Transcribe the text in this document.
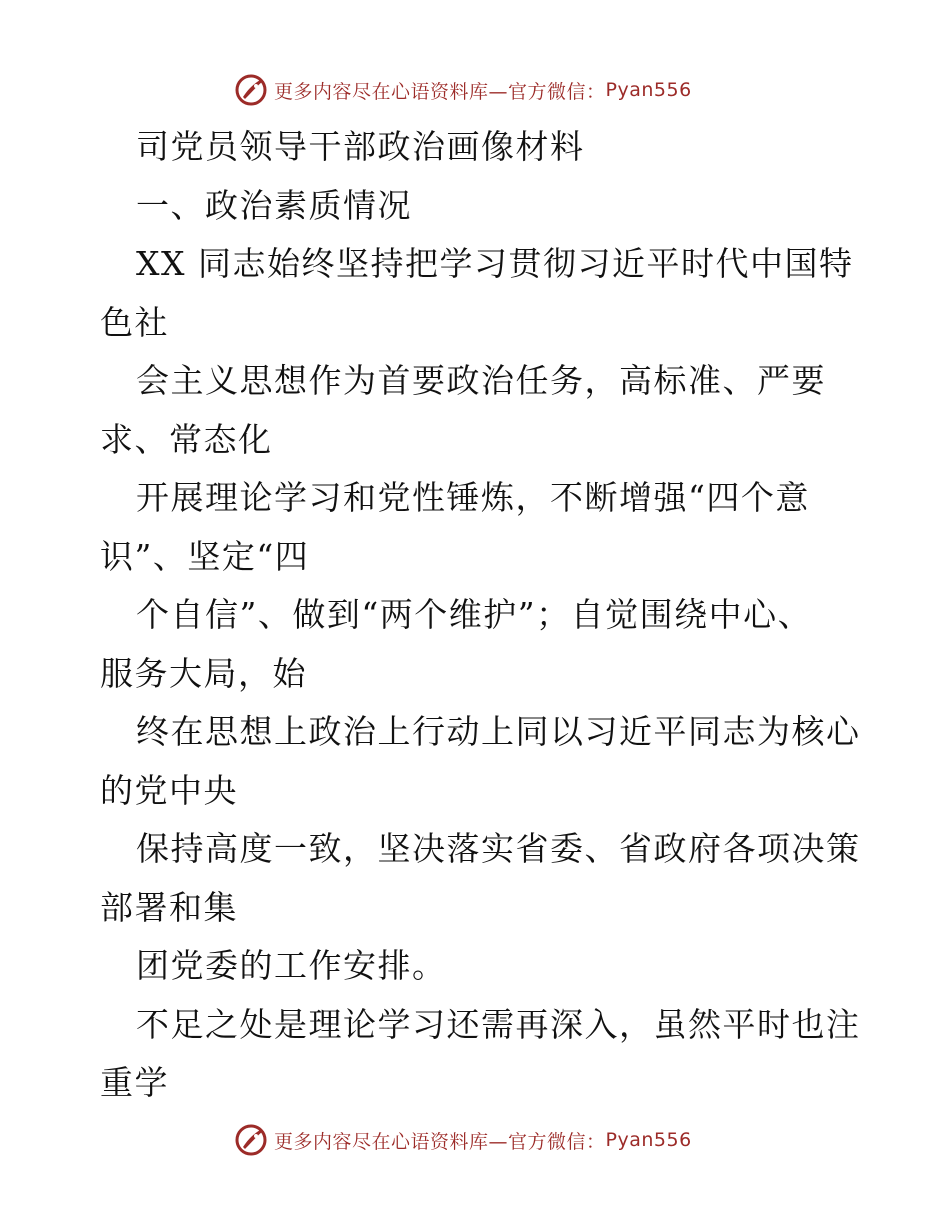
更多内容尽在心语资料库—官方微信： Pyan556
司党员领导干部政治画像材料
一、政治素质情况
XX 同志始终坚持把学习贯彻习近平时代中国特
色社
会主义思想作为首要政治任务，高标准、严要
求、常态化
开展理论学习和党性锤炼，不断增强“四个意
识”、坚定“四
个自信”、做到“两个维护”；自觉围绕中心、
服务大局，始
终在思想上政治上行动上同以习近平同志为核心
的党中央
保持高度一致，坚决落实省委、省政府各项决策
部署和集
团党委的工作安排。
不足之处是理论学习还需再深入，虽然平时也注
重学
更多内容尽在心语资料库—官方微信： Pyan556
